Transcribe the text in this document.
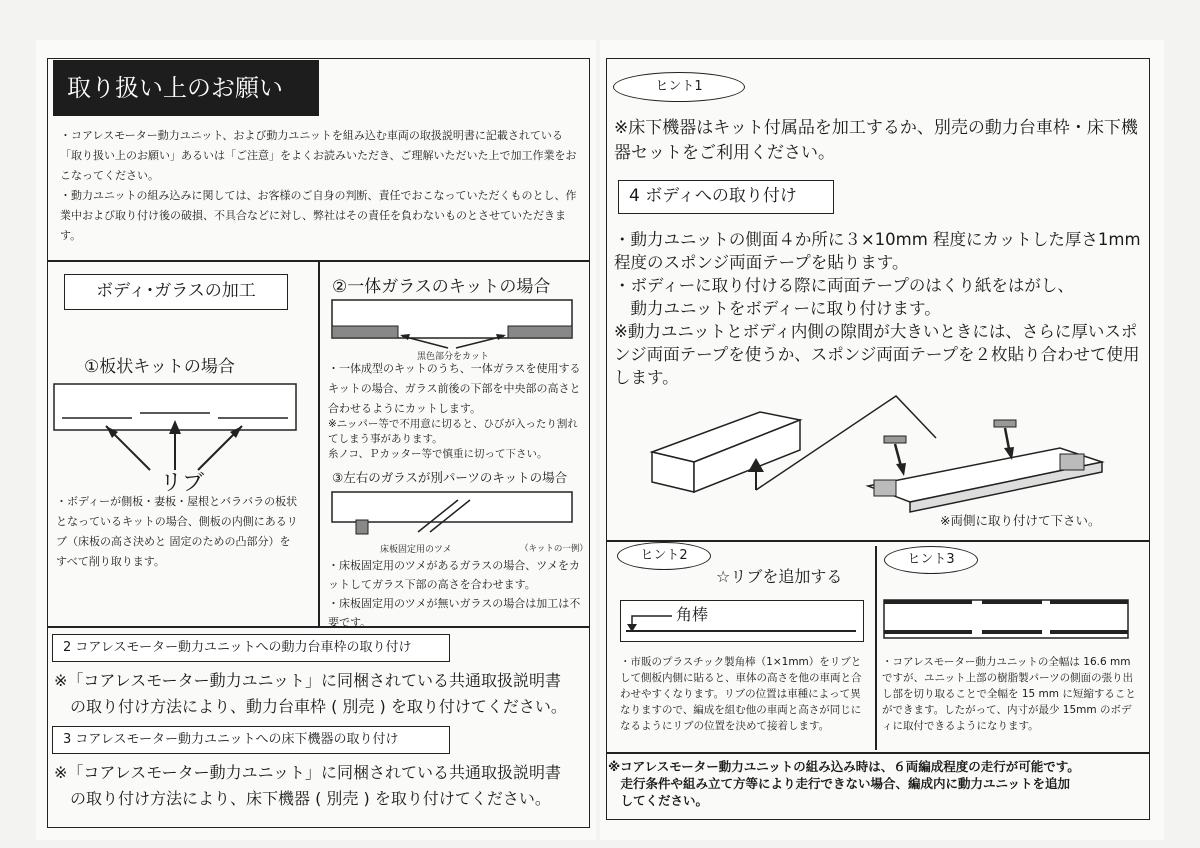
取り扱い上のお願い
・コアレスモーター動力ユニット、および動力ユニットを組み込む車両の取扱説明書に記載されている「取り扱い上のお願い」あるいは「ご注意」をよくお読みいただき、ご理解いただいた上で加工作業をおこなってください。
・動力ユニットの組み込みに関しては、お客様のご自身の判断、責任でおこなっていただくものとし、作業中および取り付け後の破損、不具合などに対し、弊社はその責任を負わないものとさせていただきます。
ボディ･ガラスの加工
①板状キットの場合
リブ
・ボディーが側板・妻板・屋根とバラバラの板状となっているキットの場合、側板の内側にあるリブ（床板の高さ決めと 固定のための凸部分）をすべて削り取ります。
②一体ガラスのキットの場合
黒色部分をカット
・一体成型のキットのうち、一体ガラスを使用するキットの場合、ガラス前後の下部を中央部の高さと合わせるようにカットします。
※ニッパー等で不用意に切ると、ひびが入ったり割れてしまう事があります。
糸ノコ、Ｐカッター等で慎重に切って下さい。
③左右のガラスが別パーツのキットの場合
床板固定用のツメ	（キットの一例）
・床板固定用のツメがあるガラスの場合、ツメをカットしてガラス下部の高さを合わせます。
・床板固定用のツメが無いガラスの場合は加工は不要です。
2 コアレスモーター動力ユニットへの動力台車枠の取り付け
※「コアレスモーター動力ユニット」に同梱されている共通取扱説明書
　の取り付け方法により、動力台車枠 ( 別売 ) を取り付けてください。
3 コアレスモーター動力ユニットへの床下機器の取り付け
※「コアレスモーター動力ユニット」に同梱されている共通取扱説明書
　の取り付け方法により、床下機器 ( 別売 ) を取り付けてください。
ヒント1
※床下機器はキット付属品を加工するか、別売の動力台車枠・床下機器セットをご利用ください。
4 ボディへの取り付け
・動力ユニットの側面４か所に３×10mm 程度にカットした厚さ1mm 程度のスポンジ両面テープを貼ります。
・ボディーに取り付ける際に両面テープのはくり紙をはがし、
　動力ユニットをボディーに取り付けます。
※動力ユニットとボディ内側の隙間が大きいときには、さらに厚いスポンジ両面テープを使うか、スポンジ両面テープを２枚貼り合わせて使用します。
※両側に取り付けて下さい。
ヒント2
☆リブを追加する
角棒
・市販のプラスチック製角棒（1×1mm）をリブとして側板内側に貼ると、車体の高さを他の車両と合わせやすくなります。リブの位置は車種によって異なりますので、編成を組む他の車両と高さが同じになるようにリブの位置を決めて接着します。
ヒント3
・コアレスモーター動力ユニットの全幅は 16.6 mm ですが、ユニット上部の樹脂製パーツの側面の張り出し部を切り取ることで全幅を 15 mm に短縮することができます。したがって、内寸が最少 15mm のボディに取付できるようになります。
※コアレスモーター動力ユニットの組み込み時は、６両編成程度の走行が可能です。
　走行条件や組み立て方等により走行できない場合、編成内に動力ユニットを追加
　してください。
